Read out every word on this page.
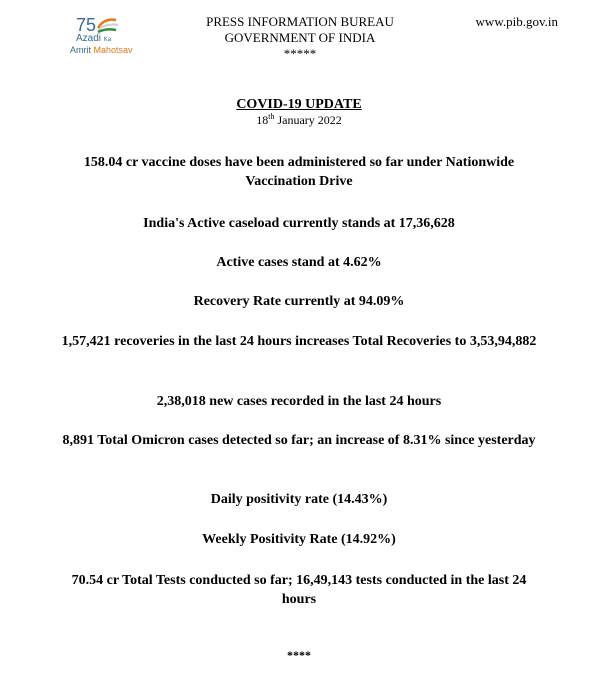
75
Azadi Ka
Amrit Mahotsav
PRESS INFORMATION BUREAU
GOVERNMENT OF INDIA
*****
www.pib.gov.in
COVID-19 UPDATE
18th January 2022
158.04 cr vaccine doses have been administered so far under Nationwide Vaccination Drive
India's Active caseload currently stands at 17,36,628
Active cases stand at 4.62%
Recovery Rate currently at 94.09%
1,57,421 recoveries in the last 24 hours increases Total Recoveries to 3,53,94,882
2,38,018 new cases recorded in the last 24 hours
8,891 Total Omicron cases detected so far; an increase of 8.31% since yesterday
Daily positivity rate (14.43%)
Weekly Positivity Rate (14.92%)
70.54 cr Total Tests conducted so far; 16,49,143 tests conducted in the last 24 hours
****
